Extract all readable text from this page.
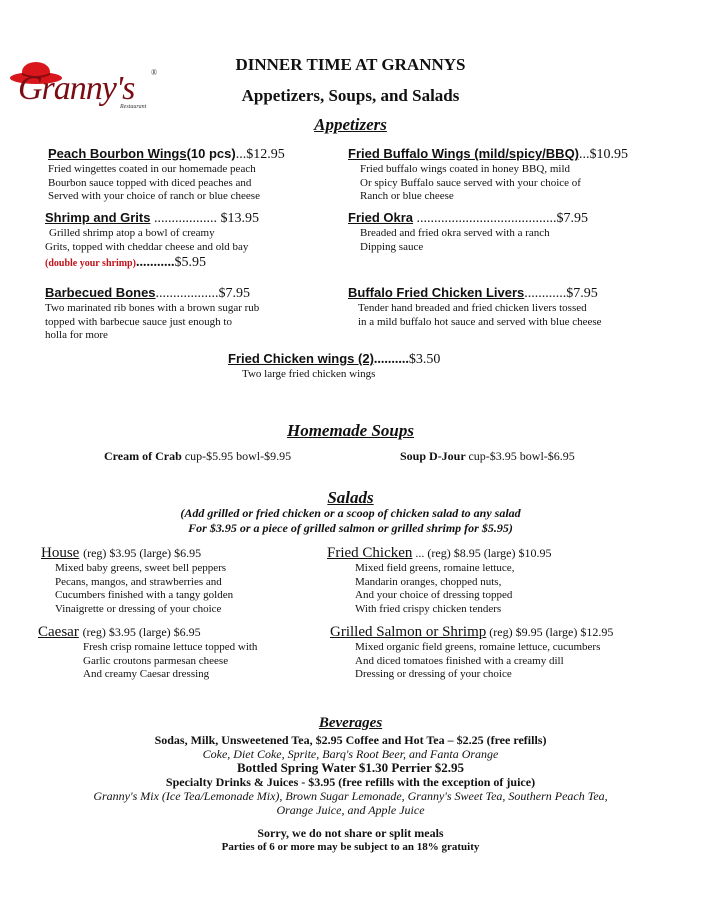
Granny's ®
Restaurant
DINNER TIME AT GRANNYS
Appetizers, Soups, and Salads
Appetizers
Peach Bourbon Wings(10 pcs)...$12.95
Fried wingettes coated in our homemade peach
Bourbon sauce topped with diced peaches and
Served with your choice of ranch or blue cheese
Fried Buffalo Wings (mild/spicy/BBQ)...$10.95
Fried buffalo wings coated in honey BBQ, mild
Or spicy Buffalo sauce served with your choice of
Ranch or blue cheese
Shrimp and Grits .................. $13.95
Grilled shrimp atop a bowl of creamy
Grits, topped with cheddar cheese and old bay
(double your shrimp)...........$5.95
Fried Okra ........................................$7.95
Breaded and fried okra served with a ranch
Dipping sauce
Barbecued Bones..................$7.95
Two marinated rib bones with a brown sugar rub
topped with barbecue sauce just enough to
holla for more
Buffalo Fried Chicken Livers............$7.95
Tender hand breaded and fried chicken livers tossed
in a mild buffalo hot sauce and served with blue cheese
Fried Chicken wings (2)..........$3.50
Two large fried chicken wings
Homemade Soups
Cream of Crab cup-$5.95 bowl-$9.95	Soup D-Jour cup-$3.95 bowl-$6.95
Salads
(Add grilled or fried chicken or a scoop of chicken salad to any salad
For $3.95 or a piece of grilled salmon or grilled shrimp for $5.95)
House (reg) $3.95 (large) $6.95
Mixed baby greens, sweet bell peppers
Pecans, mangos, and strawberries and
Cucumbers finished with a tangy golden
Vinaigrette or dressing of your choice
Fried Chicken ... (reg) $8.95 (large) $10.95
Mixed field greens, romaine lettuce,
Mandarin oranges, chopped nuts,
And your choice of dressing topped
With fried crispy chicken tenders
Caesar (reg) $3.95 (large) $6.95
Fresh crisp romaine lettuce topped with
Garlic croutons parmesan cheese
And creamy Caesar dressing
Grilled Salmon or Shrimp (reg) $9.95 (large) $12.95
Mixed organic field greens, romaine lettuce, cucumbers
And diced tomatoes finished with a creamy dill
Dressing or dressing of your choice
Beverages
Sodas, Milk, Unsweetened Tea, $2.95 Coffee and Hot Tea – $2.25 (free refills)
Coke, Diet Coke, Sprite, Barq's Root Beer, and Fanta Orange
Bottled Spring Water $1.30 Perrier $2.95
Specialty Drinks & Juices - $3.95 (free refills with the exception of juice)
Granny's Mix (Ice Tea/Lemonade Mix), Brown Sugar Lemonade, Granny's Sweet Tea, Southern Peach Tea,
Orange Juice, and Apple Juice
Sorry, we do not share or split meals
Parties of 6 or more may be subject to an 18% gratuity
